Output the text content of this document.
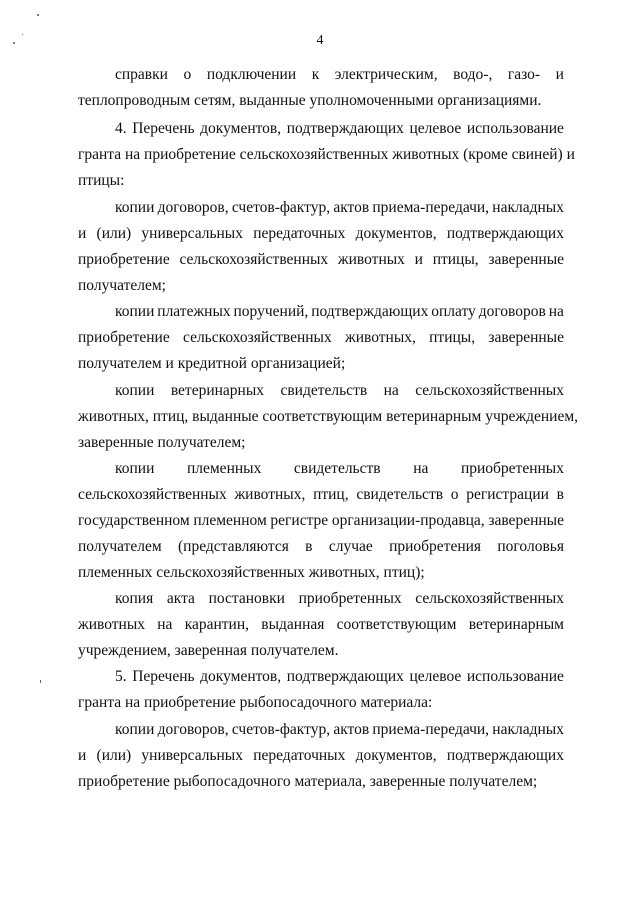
4
справки о подключении к электрическим, водо-, газо- и
теплопроводным сетям, выданные уполномоченными организациями.
4. Перечень документов, подтверждающих целевое использование
гранта на приобретение сельскохозяйственных животных (кроме свиней) и
птицы:
копии договоров, счетов-фактур, актов приема-передачи, накладных
и (или) универсальных передаточных документов, подтверждающих
приобретение сельскохозяйственных животных и птицы, заверенные
получателем;
копии платежных поручений, подтверждающих оплату договоров на
приобретение сельскохозяйственных животных, птицы, заверенные
получателем и кредитной организацией;
копии ветеринарных свидетельств на сельскохозяйственных
животных, птиц, выданные соответствующим ветеринарным учреждением,
заверенные получателем;
копии племенных свидетельств на приобретенных
сельскохозяйственных животных, птиц, свидетельств о регистрации в
государственном племенном регистре организации-продавца, заверенные
получателем (представляются в случае приобретения поголовья
племенных сельскохозяйственных животных, птиц);
копия акта постановки приобретенных сельскохозяйственных
животных на карантин, выданная соответствующим ветеринарным
учреждением, заверенная получателем.
5. Перечень документов, подтверждающих целевое использование
гранта на приобретение рыбопосадочного материала:
копии договоров, счетов-фактур, актов приема-передачи, накладных
и (или) универсальных передаточных документов, подтверждающих
приобретение рыбопосадочного материала, заверенные получателем;
